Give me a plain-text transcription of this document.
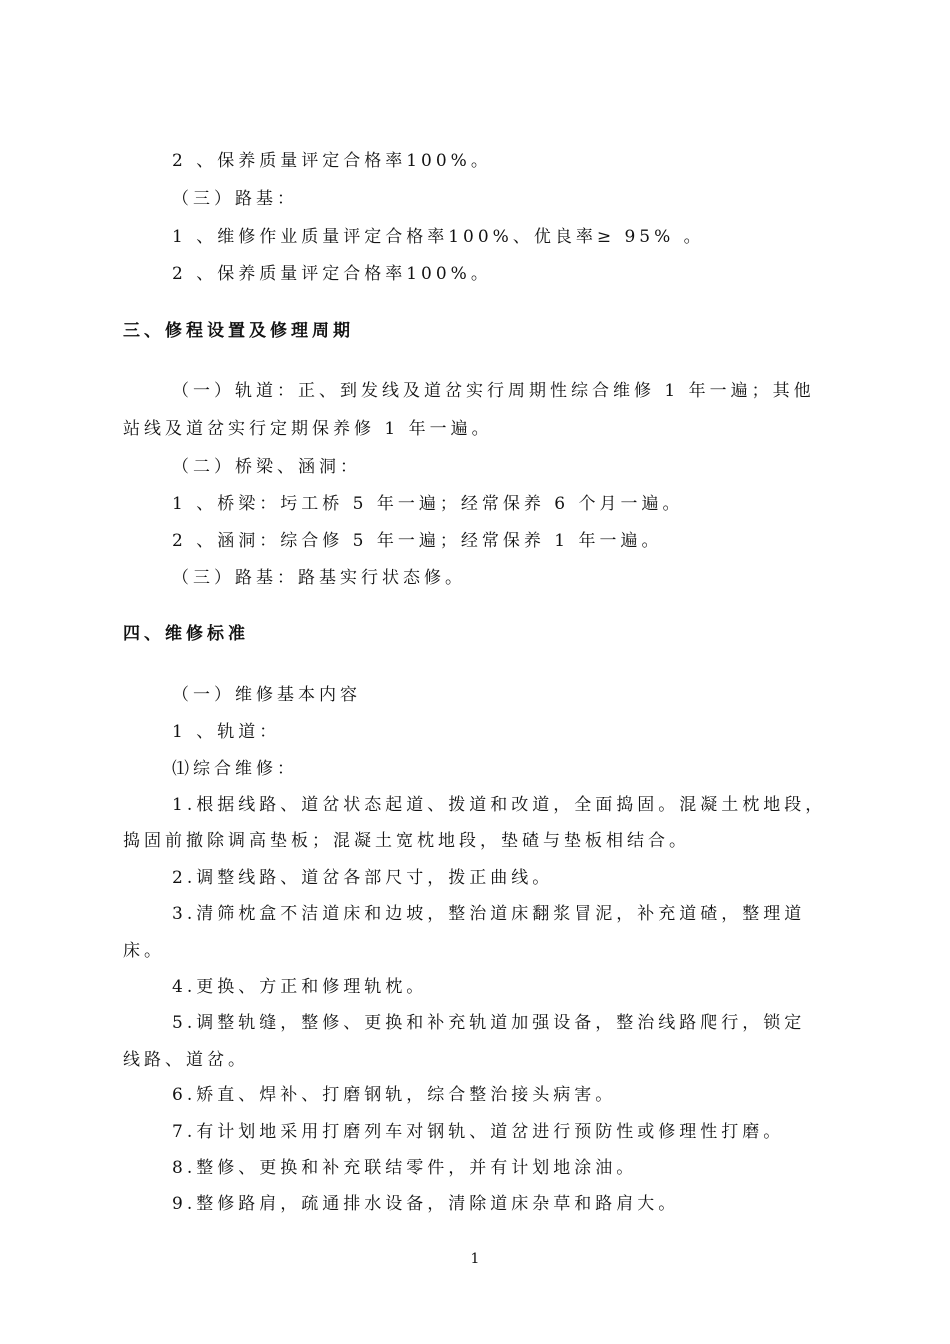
2 、保养质量评定合格率100%。
（三）路基：
1 、维修作业质量评定合格率100%、优良率≥ 95% 。
2 、保养质量评定合格率100%。
三、修程设置及修理周期
（一）轨道：正、到发线及道岔实行周期性综合维修 1 年一遍；其他
站线及道岔实行定期保养修 1 年一遍。
（二）桥梁、涵洞：
1 、桥梁：圬工桥 5 年一遍；经常保养 6 个月一遍。
2 、涵洞：综合修 5 年一遍；经常保养 1 年一遍。
（三）路基：路基实行状态修。
四、维修标准
（一）维修基本内容
1 、轨道：
⑴综合维修：
1.根据线路、道岔状态起道、拨道和改道，全面捣固。混凝土枕地段，
捣固前撤除调高垫板；混凝土宽枕地段，垫碴与垫板相结合。
2.调整线路、道岔各部尺寸，拨正曲线。
3.清筛枕盒不洁道床和边坡，整治道床翻浆冒泥，补充道碴，整理道
床。
4.更换、方正和修理轨枕。
5.调整轨缝，整修、更换和补充轨道加强设备，整治线路爬行，锁定
线路、道岔。
6.矫直、焊补、打磨钢轨，综合整治接头病害。
7.有计划地采用打磨列车对钢轨、道岔进行预防性或修理性打磨。
8.整修、更换和补充联结零件，并有计划地涂油。
9.整修路肩，疏通排水设备，清除道床杂草和路肩大。
1
